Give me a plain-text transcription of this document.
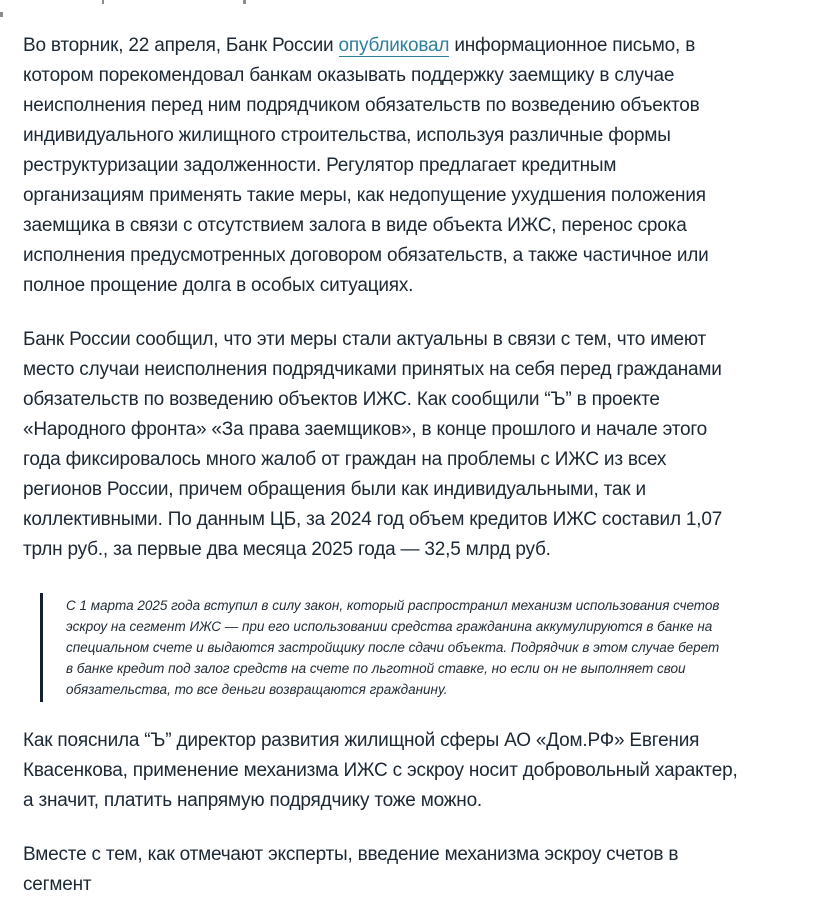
Во вторник, 22 апреля, Банк России опубликовал информационное письмо, в котором порекомендовал банкам оказывать поддержку заемщику в случае неисполнения перед ним подрядчиком обязательств по возведению объектов индивидуального жилищного строительства, используя различные формы реструктуризации задолженности. Регулятор предлагает кредитным организациям применять такие меры, как недопущение ухудшения положения заемщика в связи с отсутствием залога в виде объекта ИЖС, перенос срока исполнения предусмотренных договором обязательств, а также частичное или полное прощение долга в особых ситуациях.

Банк России сообщил, что эти меры стали актуальны в связи с тем, что имеют место случаи неисполнения подрядчиками принятых на себя перед гражданами обязательств по возведению объектов ИЖС. Как сообщили “Ъ” в проекте «Народного фронта» «За права заемщиков», в конце прошлого и начале этого года фиксировалось много жалоб от граждан на проблемы с ИЖС из всех регионов России, причем обращения были как индивидуальными, так и коллективными. По данным ЦБ, за 2024 год объем кредитов ИЖС составил 1,07 трлн руб., за первые два месяца 2025 года — 32,5 млрд руб.

С 1 марта 2025 года вступил в силу закон, который распространил механизм использования счетов эскроу на сегмент ИЖС — при его использовании средства гражданина аккумулируются в банке на специальном счете и выдаются застройщику после сдачи объекта. Подрядчик в этом случае берет в банке кредит под залог средств на счете по льготной ставке, но если он не выполняет свои обязательства, то все деньги возвращаются гражданину.

Как пояснила “Ъ” директор развития жилищной сферы АО «Дом.РФ» Евгения Квасенкова, применение механизма ИЖС с эскроу носит добровольный характер, а значит, платить напрямую подрядчику тоже можно.

Вместе с тем, как отмечают эксперты, введение механизма эскроу счетов в сегмент
